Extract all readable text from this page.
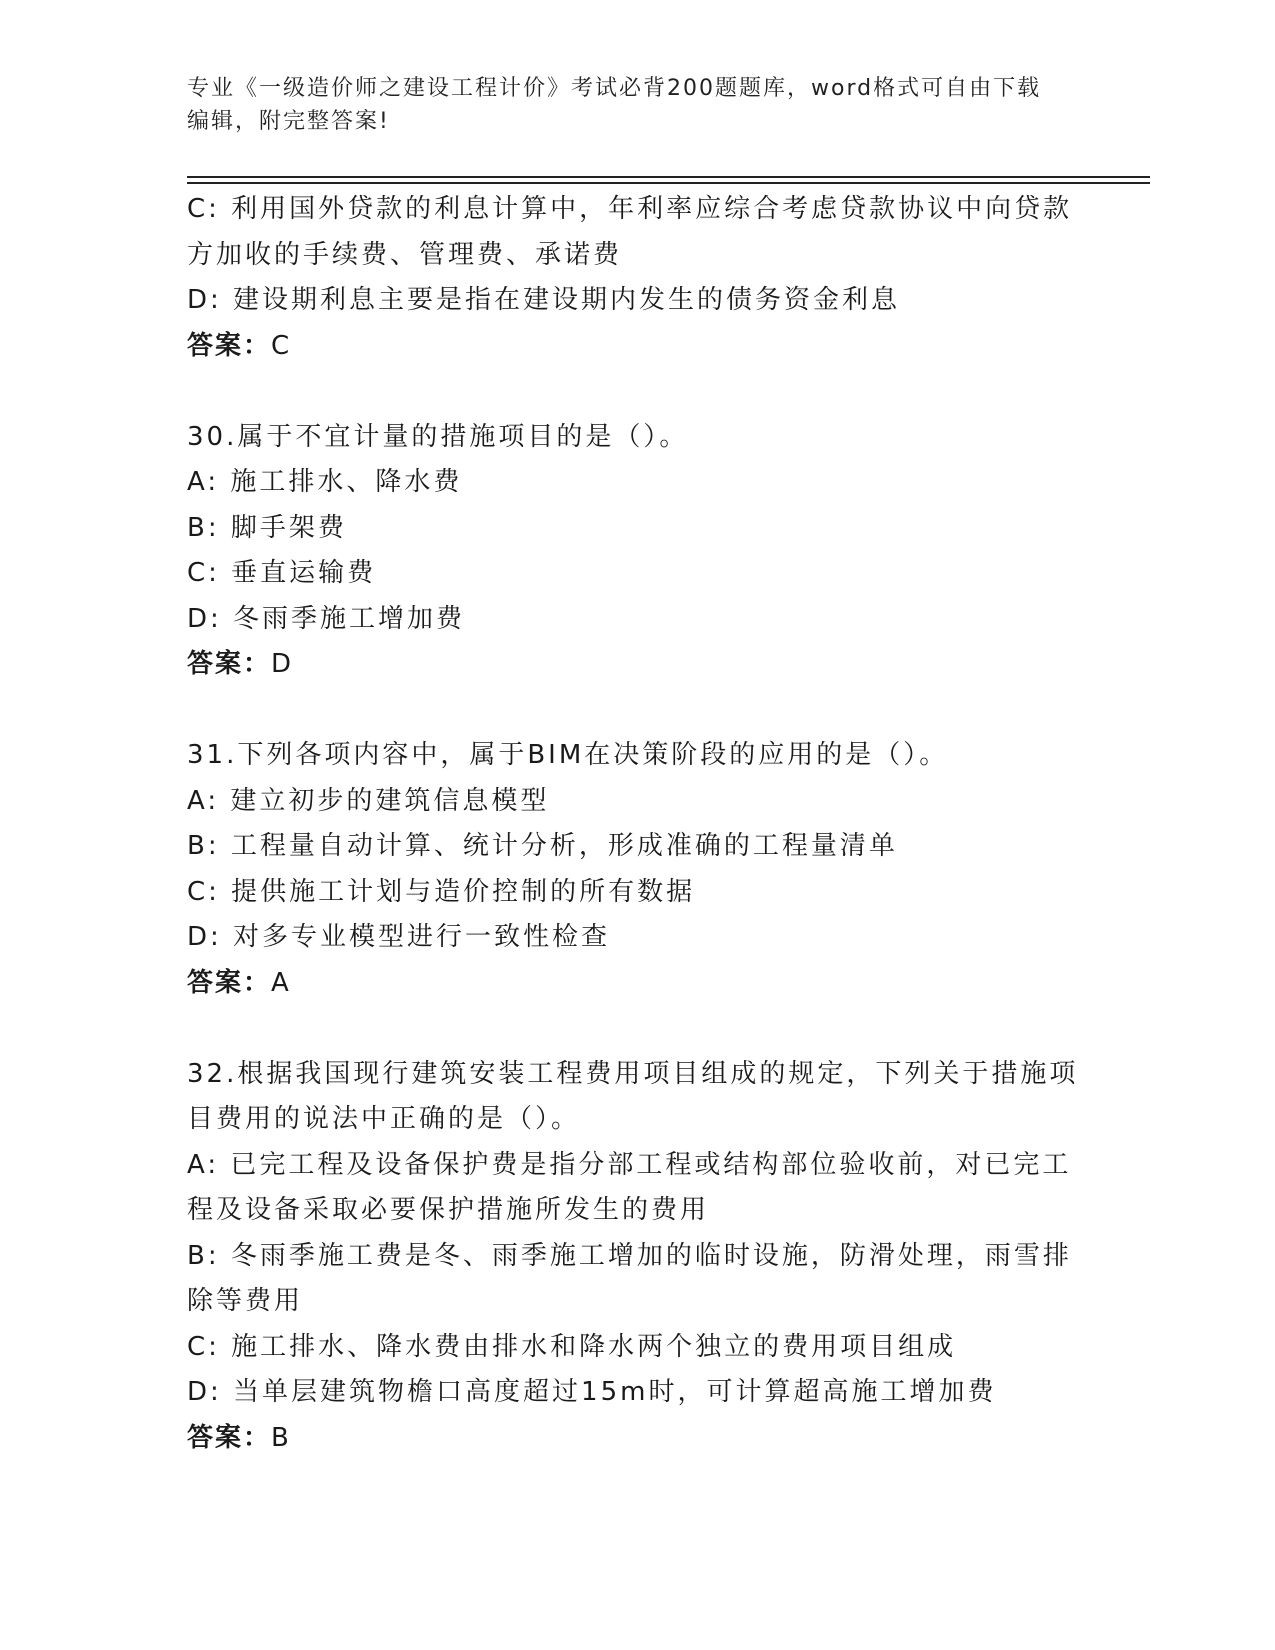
专业《一级造价师之建设工程计价》考试必背200题题库，word格式可自由下载
编辑，附完整答案!
C: 利用国外贷款的利息计算中，年利率应综合考虑贷款协议中向贷款
方加收的手续费、管理费、承诺费
D: 建设期利息主要是指在建设期内发生的债务资金利息
答案：C
30.属于不宜计量的措施项目的是（）。
A: 施工排水、降水费
B: 脚手架费
C: 垂直运输费
D: 冬雨季施工增加费
答案：D
31.下列各项内容中，属于BIM在决策阶段的应用的是（）。
A: 建立初步的建筑信息模型
B: 工程量自动计算、统计分析，形成准确的工程量清单
C: 提供施工计划与造价控制的所有数据
D: 对多专业模型进行一致性检查
答案：A
32.根据我国现行建筑安装工程费用项目组成的规定，下列关于措施项
目费用的说法中正确的是（）。
A: 已完工程及设备保护费是指分部工程或结构部位验收前，对已完工
程及设备采取必要保护措施所发生的费用
B: 冬雨季施工费是冬、雨季施工增加的临时设施，防滑处理，雨雪排
除等费用
C: 施工排水、降水费由排水和降水两个独立的费用项目组成
D: 当单层建筑物檐口高度超过15m时，可计算超高施工增加费
答案：B
